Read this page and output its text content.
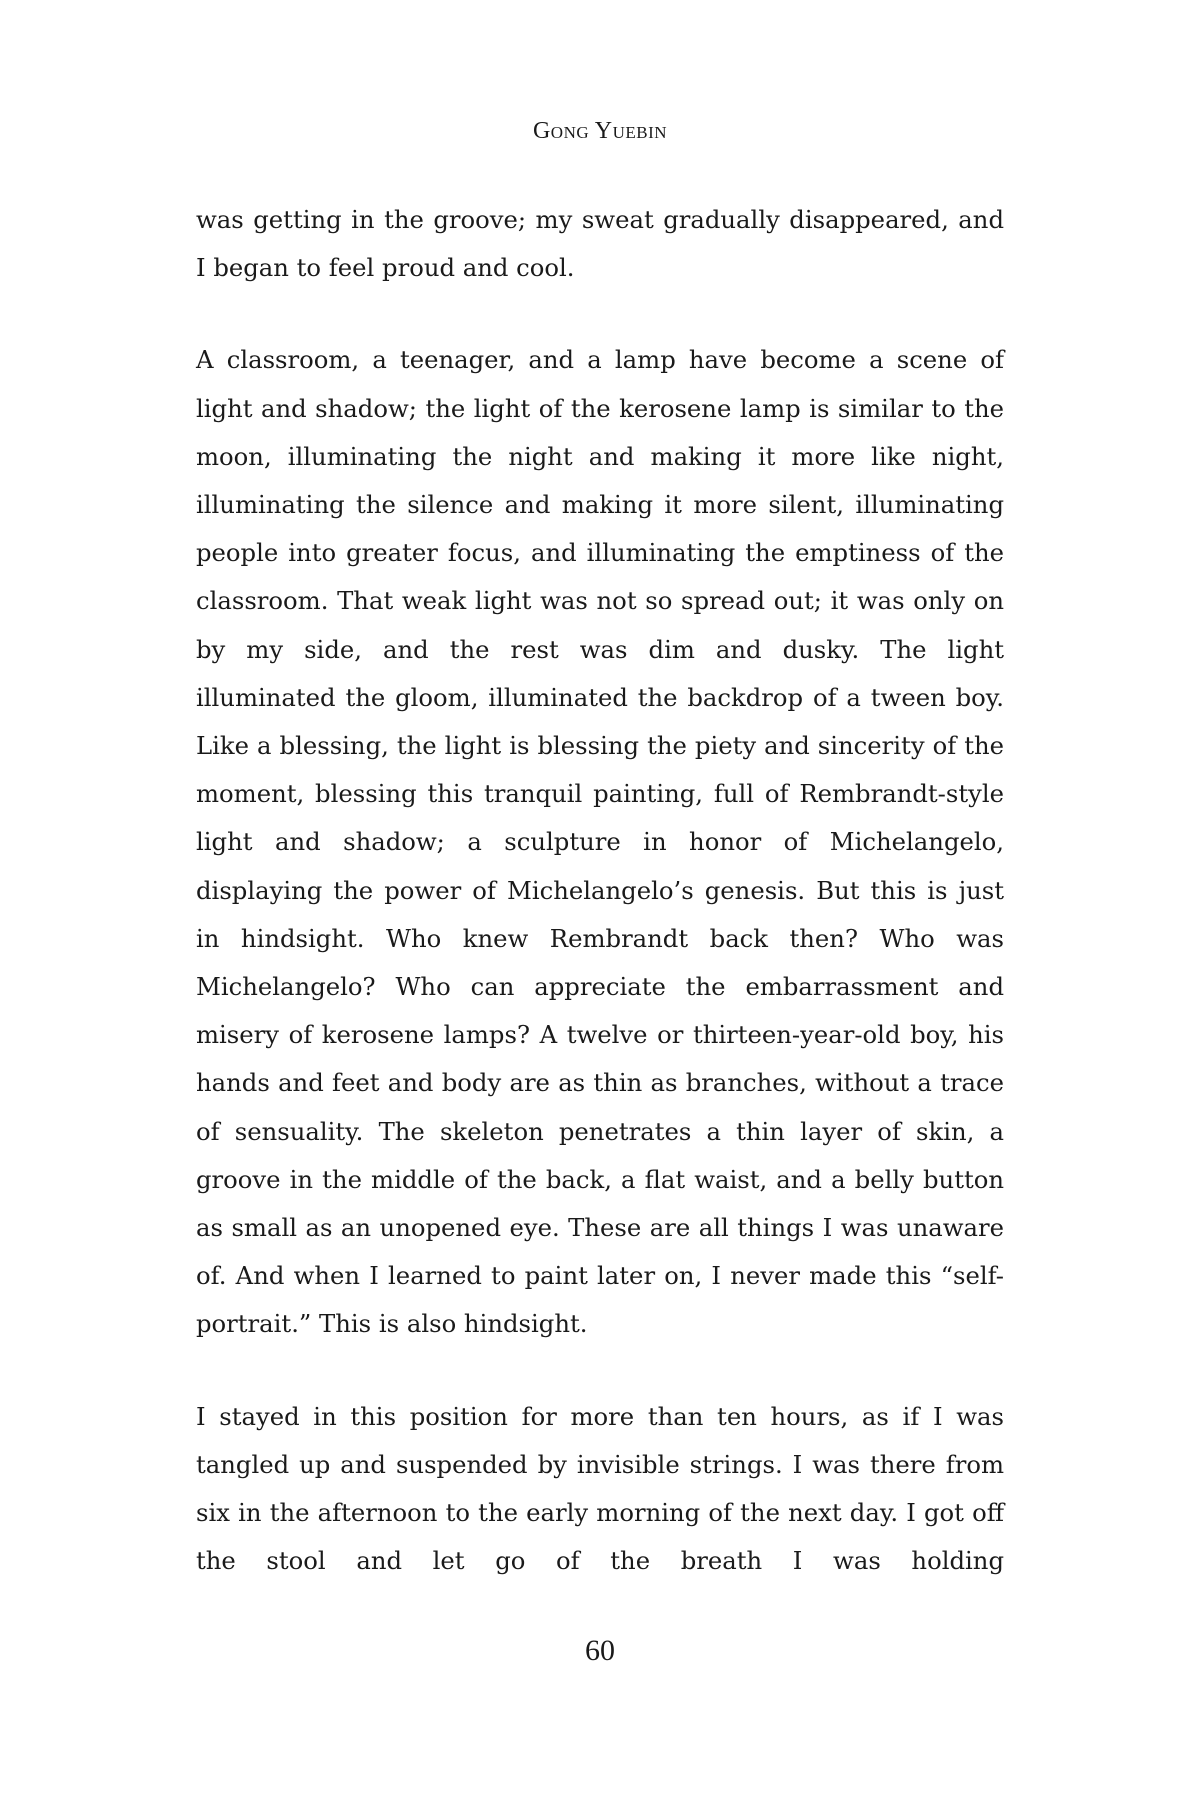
Gong Yuebin

was getting in the groove; my sweat gradually disappeared, and I began to feel proud and cool.

A classroom, a teenager, and a lamp have become a scene of light and shadow; the light of the kerosene lamp is similar to the moon, illuminating the night and making it more like night, illuminating the silence and making it more silent, illuminating people into greater focus, and illuminating the emptiness of the classroom. That weak light was not so spread out; it was only on by my side, and the rest was dim and dusky. The light illuminated the gloom, illuminated the backdrop of a tween boy. Like a blessing, the light is blessing the piety and sincerity of the moment, blessing this tranquil painting, full of Rembrandt-style light and shadow; a sculpture in honor of Michelangelo, displaying the power of Michelangelo’s genesis. But this is just in hindsight. Who knew Rembrandt back then? Who was Michelangelo? Who can appreciate the embarrassment and misery of kerosene lamps? A twelve or thirteen-year-old boy, his hands and feet and body are as thin as branches, without a trace of sensuality. The skeleton penetrates a thin layer of skin, a groove in the middle of the back, a flat waist, and a belly button as small as an unopened eye. These are all things I was unaware of. And when I learned to paint later on, I never made this “self-portrait.” This is also hindsight.

I stayed in this position for more than ten hours, as if I was tangled up and suspended by invisible strings. I was there from six in the afternoon to the early morning of the next day. I got off the stool and let go of the breath I was holding

60
